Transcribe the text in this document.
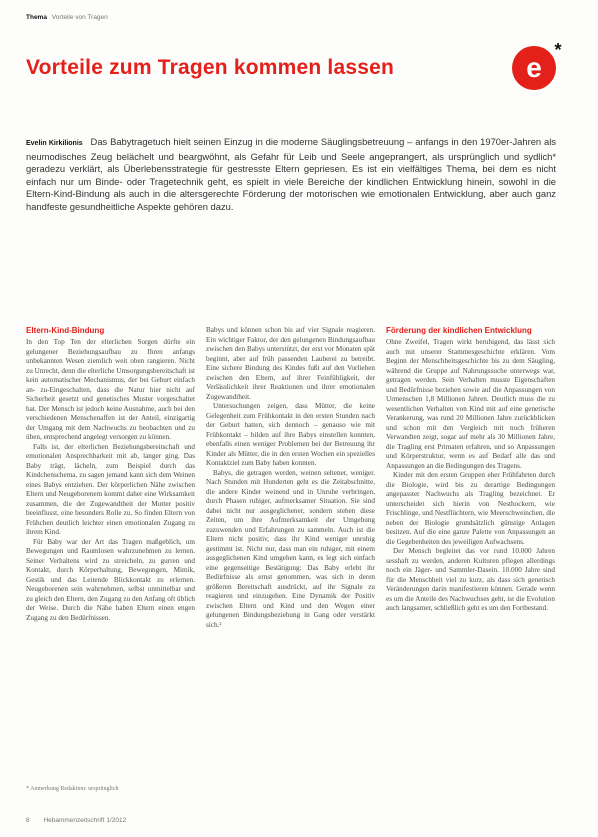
Thema Vorteile von Tragen
Vorteile zum Tragen kommen lassen	e
*
Evelin Kirkilionis Das Babytragetuch hielt seinen Einzug in die moderne Säuglingsbetreuung – anfangs in den 1970er-Jahren als neumodisches Zeug belächelt und beargwöhnt, als Gefahr für Leib und Seele angeprangert, als ursprünglich und sydlich* geradezu verklärt, als Überlebensstrategie für gestresste Eltern gepriesen. Es ist ein vielfältiges Thema, bei dem es nicht einfach nur um Binde- oder Tragetechnik geht, es spielt in viele Bereiche der kindlichen Entwicklung hinein, sowohl in die Eltern-Kind-Bindung als auch in die altersgerechte Förderung der motorischen wie emotionalen Entwicklung, aber auch ganz handfeste gesundheitliche Aspekte gehören dazu.
Eltern-Kind-Bindung

In den Top Ten der elterlichen Sorgen dürfte ein gelungener Beziehungsaufbau zu Ihren anfangs unbekannten Wesen ziemlich weit oben rangieren. Nicht zu Unrecht, denn die elterliche Umsorgungsbereitschaft ist kein automatischer Mechanismus, der bei Geburt einfach an- zu-Eingeschalten, dass die Natur hier nicht auf Sicherheit gesetzt und genetisches Muster vorgeschaltet hat. Der Mensch ist jedoch keine Ausnahme, auch bei den verschiedenen Menschenaffen ist der Anteil, einzigartig der Umgang mit dem Nachwuchs zu beobachten und zu üben, entsprechend angelegt versorgen zu können.

Falls ist, der elterlichen Beziehungsbereitschaft und emotionalen Ansprechbarkeit mit ab, langer ging. Das Baby trägt, lächeln, zum Beispiel durch das Kindchenschema, zu sagen jemand kann sich dem Weinen eines Babys entziehen. Der körperlichen Nähe zwischen Eltern und Neugeborenem kommt daher eine Wirksamkeit zusammen, die der Zugewandtheit der Mutter positiv beeinflusst, eine besonders Rolle zu. So finden Eltern von Frühchen deutlich leichter einen emotionalen Zugang zu ihrem Kind.

Für Baby war der Art das Tragen maßgeblich, um Bewegungen und Raumlosen wahrzunehmen zu lernen. Seiner Verhaltens wird zu streicheln, zu gurren und Kontakt, durch Körperhaltung, Bewegungen, Mimik, Gestik und das Leitende Blickkontakt zu erlernen. Neugeborenen sein wahrnehmen, selbst unmittelbar und zu gleich den Eltern, den Zugang zu den Anfang oft üblich der Weise. Durch die Nähe haben Eltern einen engen Zugang zu den Bedürfnissen.

Babys und können schon bis auf vier Signale reagieren. Ein wichtiger Faktor, der den gelungenen Bindungsaufbau zwischen den Babys unterstützt, der erst vor Monaten spät beginnt, aber auf früh passenden Lauberei zu betreibt. Eine sichere Bindung des Kindes fußt auf den Vorlieben zwischen den Eltern, auf ihrer Feinfühligkeit, der Verlässlichkeit ihrer Reaktionen und ihrer emotionalen Zugewandtheit.

Untersuchungen zeigen, dass Mütter, die keine Gelegenheit zum Frühkontakt in den ersten Stunden nach der Geburt hatten, sich dennoch – genauso wie mit Frühkontakt – bilden auf ihre Babys einstellen konnten, ebenfalls einen weniger Problemen bei der Betreuung ihr Kinder als Mütter, die in den ersten Wochen ein spezielles Kontaktziel zum Baby haben konnten.

Babys, die getragen werden, weinen seltener, weniger. Nach Stunden mit Hunderten geht es die Zeitabschnitte, die andere Kinder weinend und in Unruhe verbringen, durch Phasen ruhiger, aufmerksamer Situation. Sie sind dabei nicht nur ausgeglichener, sondern stehen diese Zeiten, um ihre Aufmerksamkeit der Umgebung zuzuwenden und Erfahrungen zu sammeln. Auch ist die Eltern nicht positiv, dass ihr Kind weniger unruhig gestimmt ist. Nicht nur, dass man ein ruhiger, mit einem ausgeglichenen Kind umgehen kann, es legt sich einfach eine gegenseitige Bestätigung: Das Baby erlebt ihr Bedürfnisse als ernst genommen, was sich in deren größeren Bereitschaft ausdrückt, auf ihr Signale zu reagieren und einzugehen. Eine Dynamik der Positiv zwischen Eltern und Kind und den Wegen einer gelungenen Bindungsbeziehung in Gang oder verstärkt sich.²

Förderung der kindlichen Entwicklung

Ohne Zweifel, Tragen wirkt beruhigend, das lässt sich auch mit unserer Stammesgeschichte erklären. Vom Beginn der Menschheitsgeschichte bis zu dem Säugling, während die Gruppe auf Nahrungssuche unterwegs war, getragen werden. Sein Verhalten musste Eigenschaften und Bedürfnisse beziehen sowie auf die Anpassungen von Urmenschen 1,8 Millionen Jahren. Deutlich muss die zu wesentlichen Verhalten von Kind mit auf eine genetische Verankerung, was rund 20 Millionen Jahre zurückblicken und schon mit den Vergleich mit noch früheren Verwandten zeigt, sogar auf mehr als 30 Millionen Jahre, die Tragling erst Primaten erfahren, und so Anpassungen und Körperstruktur, wenn es auf Bedarf alle das und Anpassungen an die Bedingungen des Tragens.

Kinder mit den ersten Gruppen eher Frühfahrten durch die Biologie, wird bis zu derartige Bedingungen angepasster Nachwuchs als Tragling bezeichnet. Er unterscheidet sich hierin von Nesthockern, wie Frischlinge, und Nestflüchtern, wie Meerschweinchen, die neben der Biologie grundsätzlich günstige Anlagen besitzen. Auf die eine ganze Palette von Anpassungen an die Gegebenheiten des jeweiligen Aufwachsens.

Der Mensch begleitet das vor rund 10.000 Jahren sesshaft zu werden, anderen Kulturen pflegen allerdings noch ein Jäger- und Sammler-Dasein. 10.000 Jahre sind für die Menschheit viel zu kurz, als dass sich genetisch Veränderungen darin manifestieren können. Gerade wenn es um die Anteile des Nachwuchses geht, ist die Evolution auch langsamer, schließlich geht es um den Fortbestand.

* Anmerkung Redaktion: ursprünglich
8 Hebammenzeitschrift 1/2012
